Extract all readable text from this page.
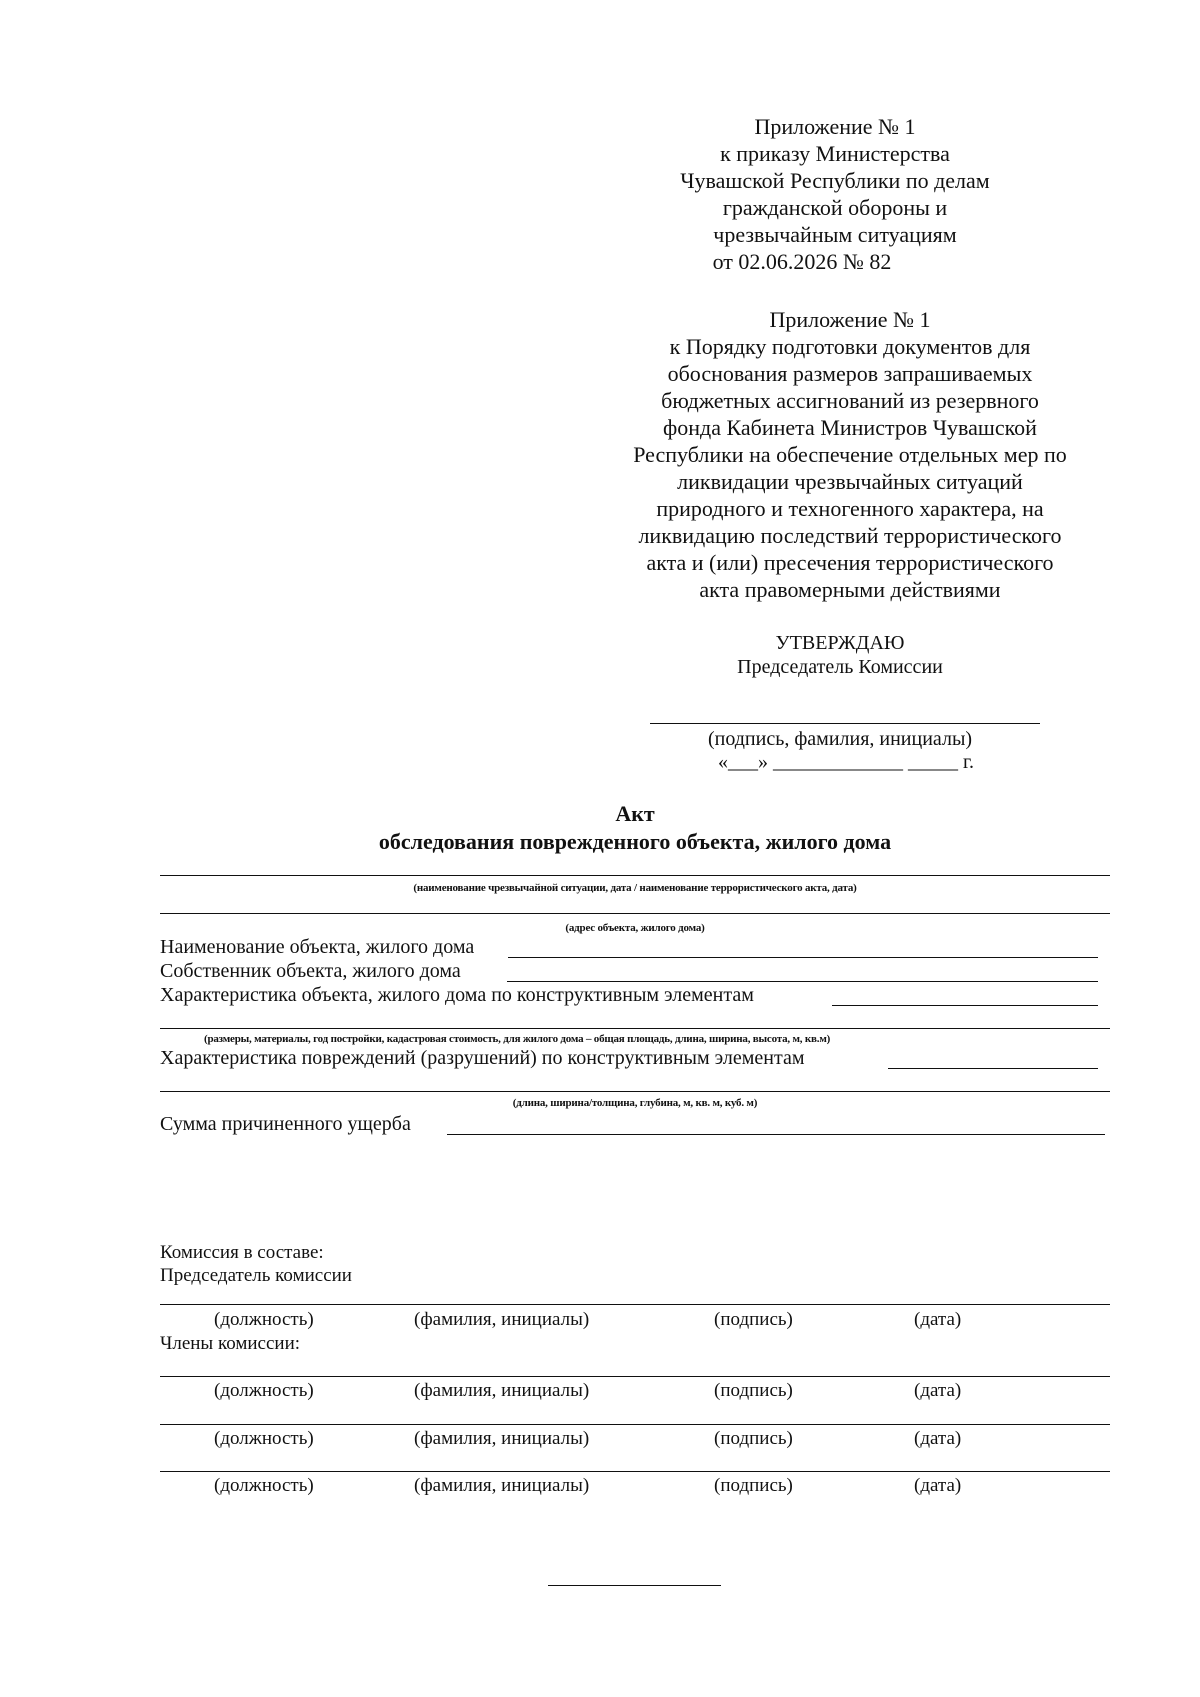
Приложение № 1
к приказу Министерства
Чувашской Республики по делам
гражданской обороны и
чрезвычайным ситуациям
от 02.06.2026 № 82
Приложение № 1
к Порядку подготовки документов для
обоснования размеров запрашиваемых
бюджетных ассигнований из резервного
фонда Кабинета Министров Чувашской
Республики на обеспечение отдельных мер по
ликвидации чрезвычайных ситуаций
природного и техногенного характера, на
ликвидацию последствий террористического
акта и (или) пресечения террористического
акта правомерными действиями
УТВЕРЖДАЮ
Председатель Комиссии
(подпись, фамилия, инициалы)
«___» _____________ _____ г.
Акт
обследования поврежденного объекта, жилого дома
(наименование чрезвычайной ситуации, дата / наименование террористического акта, дата)
(адрес объекта, жилого дома)
Наименование объекта, жилого дома
Собственник объекта, жилого дома
Характеристика объекта, жилого дома по конструктивным элементам
(размеры, материалы, год постройки, кадастровая стоимость, для жилого дома – общая площадь, длина, ширина, высота, м, кв.м)
Характеристика повреждений (разрушений) по конструктивным элементам
(длина, ширина/толщина, глубина, м, кв. м, куб. м)
Сумма причиненного ущерба
Комиссия в составе:
Председатель комиссии
(должность)	(фамилия, инициалы)	(подпись)	(дата)
Члены комиссии:
(должность)	(фамилия, инициалы)	(подпись)	(дата)
(должность)	(фамилия, инициалы)	(подпись)	(дата)
(должность)	(фамилия, инициалы)	(подпись)	(дата)
